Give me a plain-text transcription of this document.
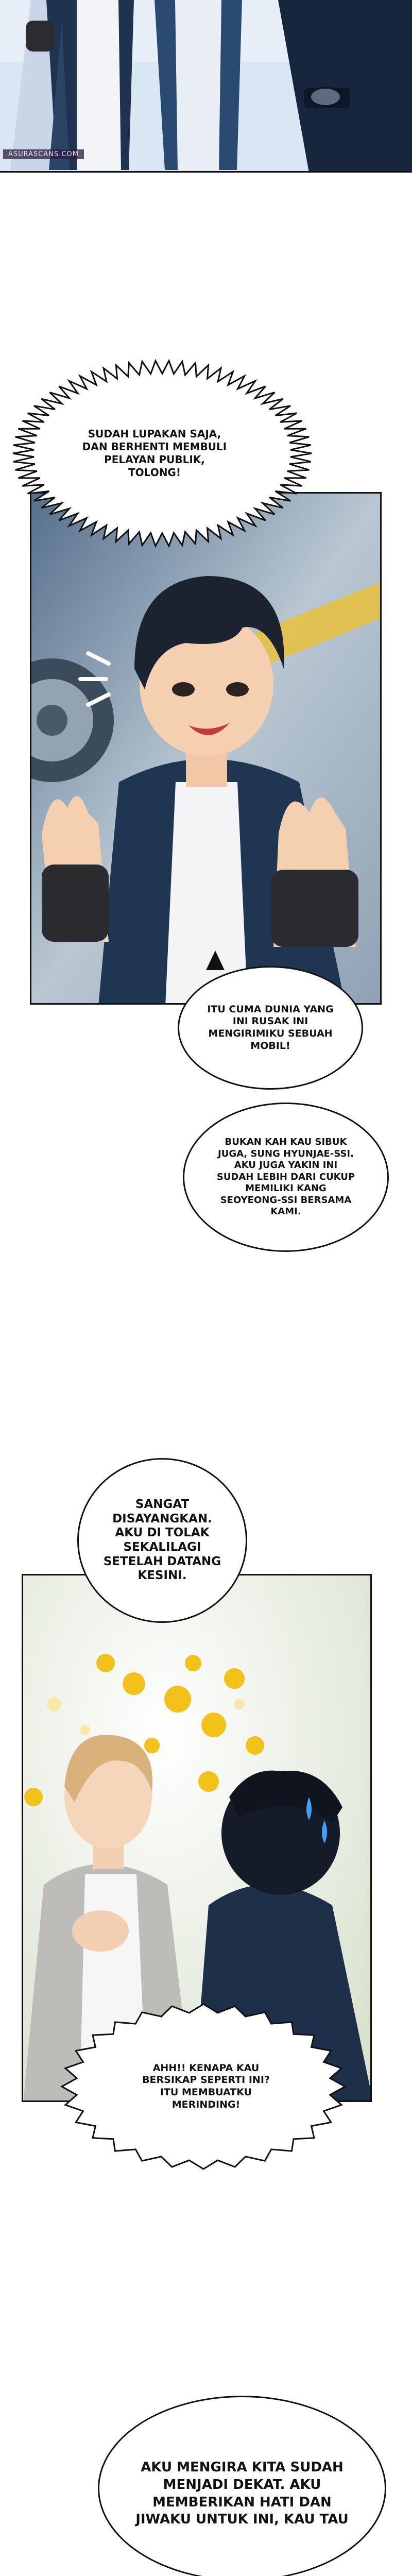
ASURASCANS.COM
SUDAH LUPAKAN SAJA,
DAN BERHENTI MEMBULI
PELAYAN PUBLIK,
TOLONG!
ITU CUMA DUNIA YANG
INI RUSAK INI
MENGIRIMIKU SEBUAH
MOBIL!
BUKAN KAH KAU SIBUK
JUGA, SUNG HYUNJAE-SSI.
AKU JUGA YAKIN INI
SUDAH LEBIH DARI CUKUP
MEMILIKI KANG
SEOYEONG-SSI BERSAMA
KAMI.
SANGAT
DISAYANGKAN.
AKU DI TOLAK
SEKALILAGI
SETELAH DATANG
KESINI.
AHH!! KENAPA KAU
BERSIKAP SEPERTI INI?
ITU MEMBUATKU
MERINDING!
AKU MENGIRA KITA SUDAH
MENJADI DEKAT. AKU
MEMBERIKAN HATI DAN
JIWAKU UNTUK INI, KAU TAU
